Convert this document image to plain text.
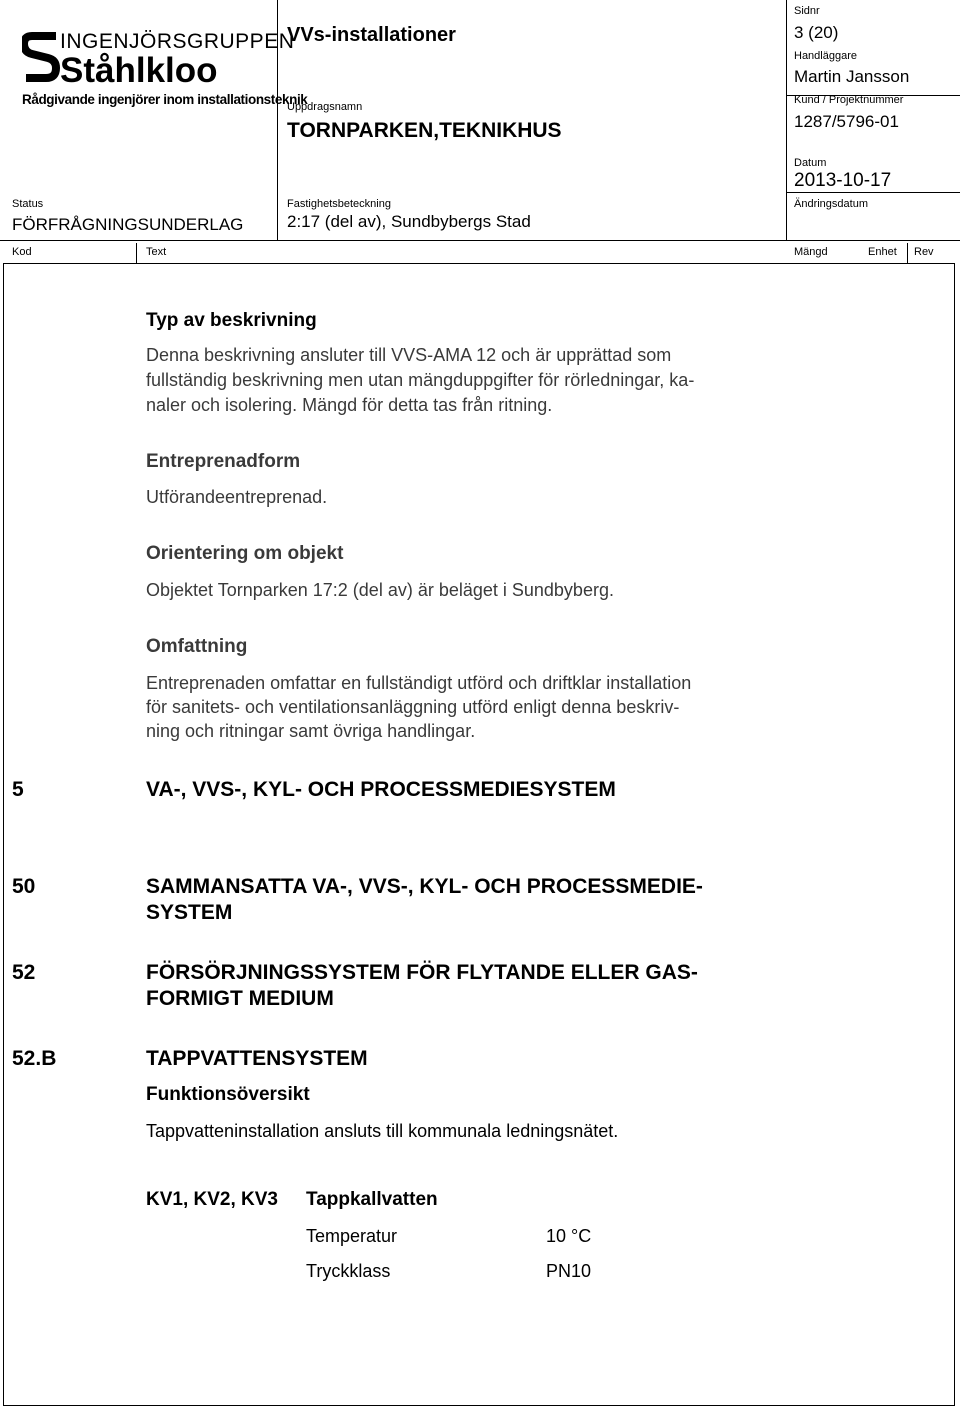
INGENJÖRSGRUPPEN
Ståhlkloo
Rådgivande ingenjörer inom installationsteknik
VVs-installationer
Uppdragsnamn
TORNPARKEN,TEKNIKHUS
Status
FÖRFRÅGNINGSUNDERLAG
Fastighetsbeteckning
2:17 (del av), Sundbybergs Stad
Sidnr
3 (20)
Handläggare
Martin Jansson
Kund / Projektnummer
1287/5796-01
Datum
2013-10-17
Ändringsdatum
Kod	Text	Mängd	Enhet Rev
Typ av beskrivning
Denna beskrivning ansluter till VVS-AMA 12 och är upprättad som
fullständig beskrivning men utan mängduppgifter för rörledningar, ka-
naler och isolering. Mängd för detta tas från ritning.
Entreprenadform
Utförandeentreprenad.
Orientering om objekt
Objektet Tornparken 17:2 (del av) är beläget i Sundbyberg.
Omfattning
Entreprenaden omfattar en fullständigt utförd och driftklar installation
för sanitets- och ventilationsanläggning utförd enligt denna beskriv-
ning och ritningar samt övriga handlingar.
5	VA-, VVS-, KYL- OCH PROCESSMEDIESYSTEM
50	SAMMANSATTA VA-, VVS-, KYL- OCH PROCESSMEDIE-
SYSTEM
52	FÖRSÖRJNINGSSYSTEM FÖR FLYTANDE ELLER GAS-
FORMIGT MEDIUM
52.B	TAPPVATTENSYSTEM
Funktionsöversikt
Tappvatteninstallation ansluts till kommunala ledningsnätet.
KV1, KV2, KV3 Tappkallvatten
Temperatur	10 °C
Tryckklass	PN10
